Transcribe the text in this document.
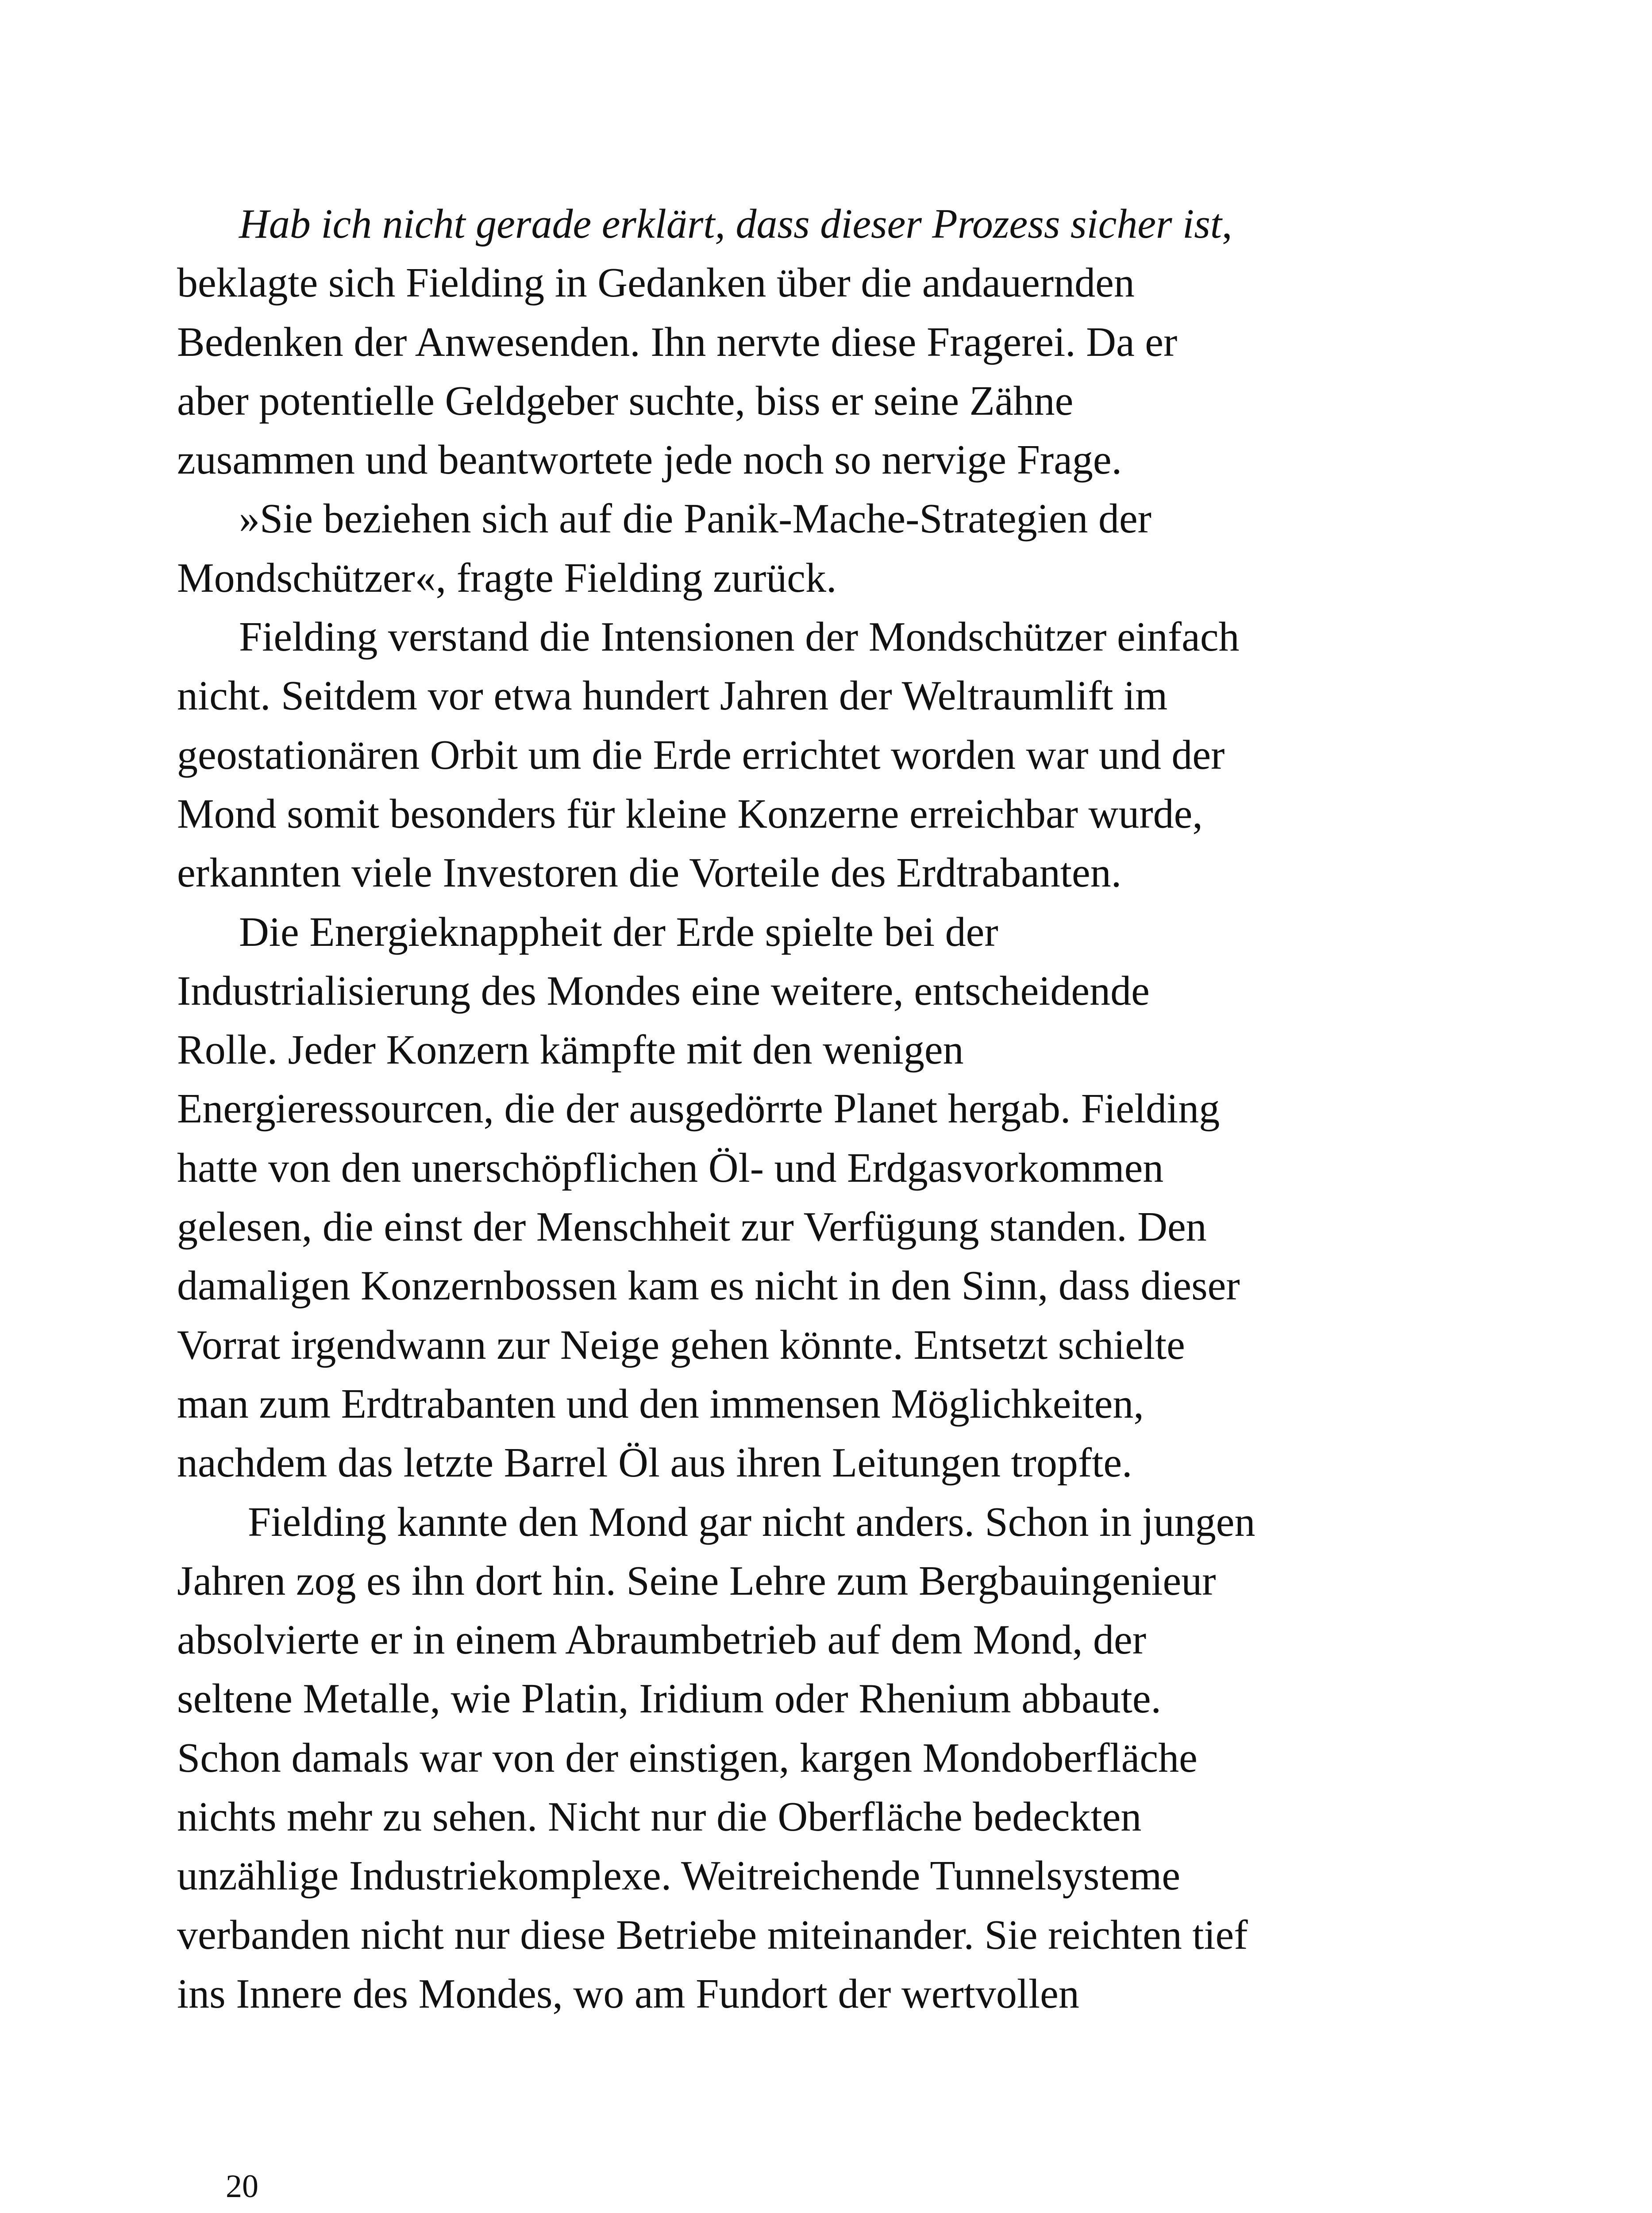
Hab ich nicht gerade erklärt, dass dieser Prozess sicher ist,
beklagte sich Fielding in Gedanken über die andauernden
Bedenken der Anwesenden. Ihn nervte diese Fragerei. Da er
aber potentielle Geldgeber suchte, biss er seine Zähne
zusammen und beantwortete jede noch so nervige Frage.
»Sie beziehen sich auf die Panik-Mache-Strategien der
Mondschützer«, fragte Fielding zurück.
Fielding verstand die Intensionen der Mondschützer einfach
nicht. Seitdem vor etwa hundert Jahren der Weltraumlift im
geostationären Orbit um die Erde errichtet worden war und der
Mond somit besonders für kleine Konzerne erreichbar wurde,
erkannten viele Investoren die Vorteile des Erdtrabanten.
Die Energieknappheit der Erde spielte bei der
Industrialisierung des Mondes eine weitere, entscheidende
Rolle. Jeder Konzern kämpfte mit den wenigen
Energieressourcen, die der ausgedörrte Planet hergab. Fielding
hatte von den unerschöpflichen Öl- und Erdgasvorkommen
gelesen, die einst der Menschheit zur Verfügung standen. Den
damaligen Konzernbossen kam es nicht in den Sinn, dass dieser
Vorrat irgendwann zur Neige gehen könnte. Entsetzt schielte
man zum Erdtrabanten und den immensen Möglichkeiten,
nachdem das letzte Barrel Öl aus ihren Leitungen tropfte.
Fielding kannte den Mond gar nicht anders. Schon in jungen
Jahren zog es ihn dort hin. Seine Lehre zum Bergbauingenieur
absolvierte er in einem Abraumbetrieb auf dem Mond, der
seltene Metalle, wie Platin, Iridium oder Rhenium abbaute.
Schon damals war von der einstigen, kargen Mondoberfläche
nichts mehr zu sehen. Nicht nur die Oberfläche bedeckten
unzählige Industriekomplexe. Weitreichende Tunnelsysteme
verbanden nicht nur diese Betriebe miteinander. Sie reichten tief
ins Innere des Mondes, wo am Fundort der wertvollen
20
